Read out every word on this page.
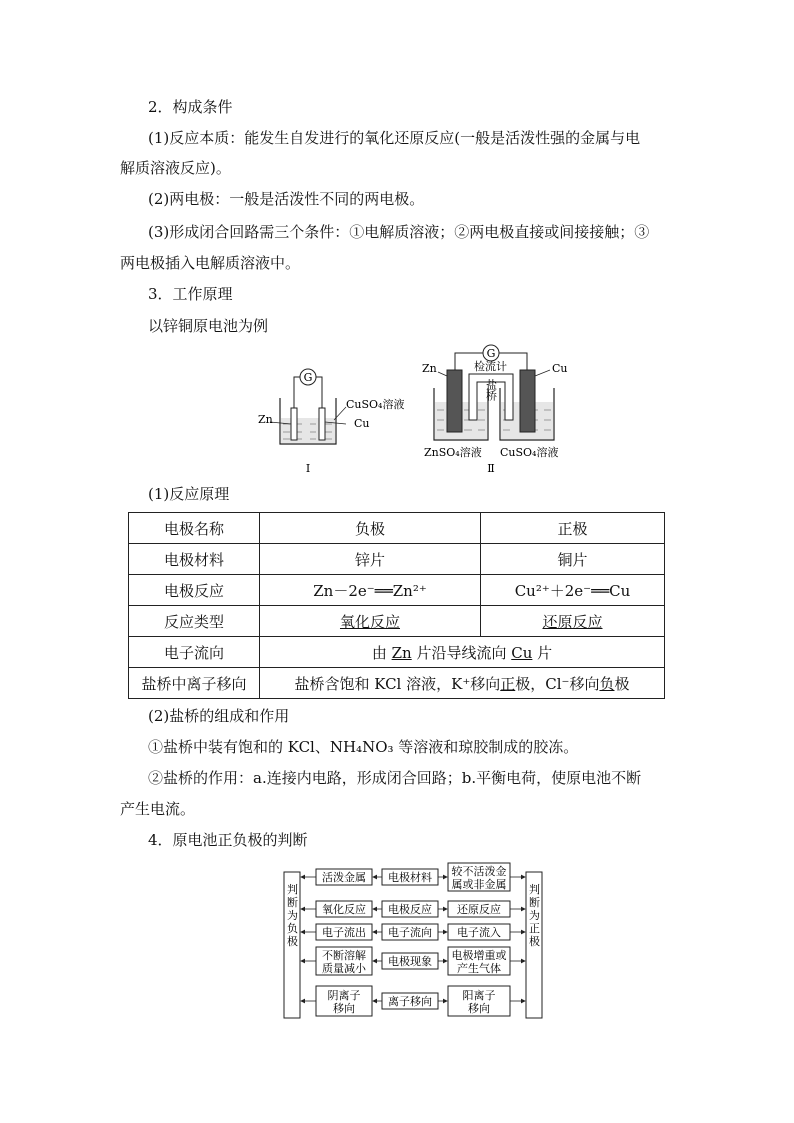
2．构成条件
(1)反应本质：能发生自发进行的氧化还原反应(一般是活泼性强的金属与电
解质溶液反应)。
(2)两电极：一般是活泼性不同的两电极。
(3)形成闭合回路需三个条件：①电解质溶液；②两电极直接或间接接触；③
两电极插入电解质溶液中。
3．工作原理
以锌铜原电池为例
G
Zn
CuSO₄溶液
Cu
Ⅰ
G
检流计
Zn	Cu
盐桥
ZnSO₄溶液 CuSO₄溶液
Ⅱ
(1)反应原理
电极名称	负极	正极
电极材料	锌片	铜片
电极反应	Zn－2e⁻══Zn²⁺	Cu²⁺＋2e⁻══Cu
反应类型	氧化反应	还原反应
电子流向	由 Zn 片沿导线流向 Cu 片	
盐桥中离子移向	盐桥含饱和 KCl 溶液，K⁺移向正极，Cl⁻移向负极	
(2)盐桥的组成和作用
①盐桥中装有饱和的 KCl、NH₄NO₃ 等溶液和琼胶制成的胶冻。
②盐桥的作用：a.连接内电路，形成闭合回路；b.平衡电荷，使原电池不断
产生电流。
4．原电池正负极的判断
判断为负极	判断为正极
活泼金属 电极材料 较不活泼金
属或非金属
氧化反应 电极反应 还原反应
电子流出 电子流向 电子流入
不断溶解
质量减小
电极现象 电极增重或
产生气体
阴离子
移向
离子移向	阳离子
移向
